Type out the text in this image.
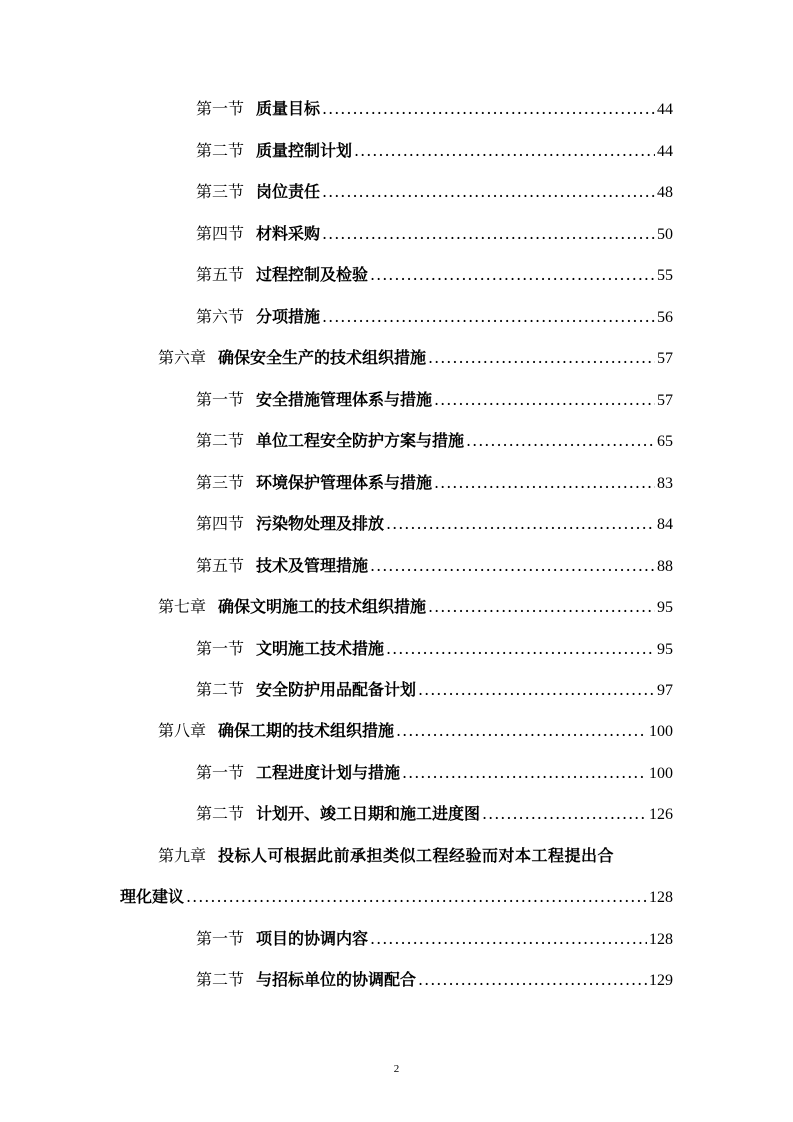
第一节 质量目标 .....	44
第二节 质量控制计划 .....	44
第三节 岗位责任 .....	48
第四节 材料采购 .....	50
第五节 过程控制及检验 .....	55
第六节 分项措施 .....	56
第六章 确保安全生产的技术组织措施 .....	57
第一节 安全措施管理体系与措施 .....	57
第二节 单位工程安全防护方案与措施 .....	65
第三节 环境保护管理体系与措施 .....	83
第四节 污染物处理及排放 .....	84
第五节 技术及管理措施 .....	88
第七章 确保文明施工的技术组织措施 .....	95
第一节 文明施工技术措施 .....	95
第二节 安全防护用品配备计划 .....	97
第八章 确保工期的技术组织措施 .....	100
第一节 工程进度计划与措施 .....	100
第二节 计划开、竣工日期和施工进度图 .....	126
第九章 投标人可根据此前承担类似工程经验而对本工程提出合
理化建议 .....	128
第一节 项目的协调内容 .....	128
第二节 与招标单位的协调配合 .....	129
2
